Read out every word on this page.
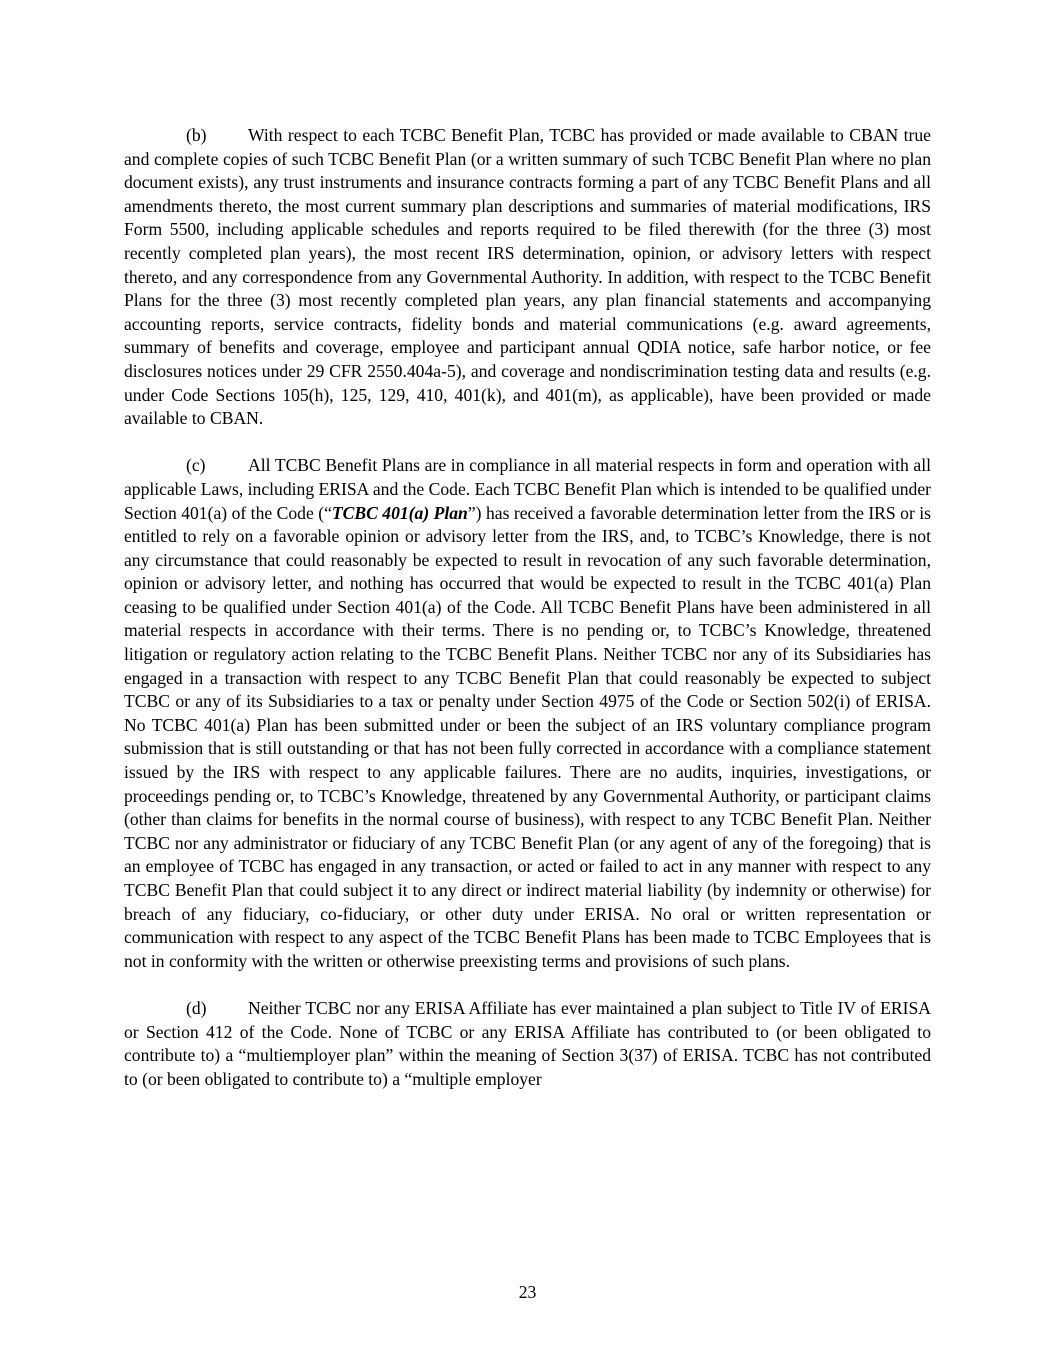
(b) With respect to each TCBC Benefit Plan, TCBC has provided or made available to CBAN true and complete copies of such TCBC Benefit Plan (or a written summary of such TCBC Benefit Plan where no plan document exists), any trust instruments and insurance contracts forming a part of any TCBC Benefit Plans and all amendments thereto, the most current summary plan descriptions and summaries of material modifications, IRS Form 5500, including applicable schedules and reports required to be filed therewith (for the three (3) most recently completed plan years), the most recent IRS determination, opinion, or advisory letters with respect thereto, and any correspondence from any Governmental Authority. In addition, with respect to the TCBC Benefit Plans for the three (3) most recently completed plan years, any plan financial statements and accompanying accounting reports, service contracts, fidelity bonds and material communications (e.g. award agreements, summary of benefits and coverage, employee and participant annual QDIA notice, safe harbor notice, or fee disclosures notices under 29 CFR 2550.404a-5), and coverage and nondiscrimination testing data and results (e.g. under Code Sections 105(h), 125, 129, 410, 401(k), and 401(m), as applicable), have been provided or made available to CBAN.

(c) All TCBC Benefit Plans are in compliance in all material respects in form and operation with all applicable Laws, including ERISA and the Code. Each TCBC Benefit Plan which is intended to be qualified under Section 401(a) of the Code (“TCBC 401(a) Plan”) has received a favorable determination letter from the IRS or is entitled to rely on a favorable opinion or advisory letter from the IRS, and, to TCBC’s Knowledge, there is not any circumstance that could reasonably be expected to result in revocation of any such favorable determination, opinion or advisory letter, and nothing has occurred that would be expected to result in the TCBC 401(a) Plan ceasing to be qualified under Section 401(a) of the Code. All TCBC Benefit Plans have been administered in all material respects in accordance with their terms. There is no pending or, to TCBC’s Knowledge, threatened litigation or regulatory action relating to the TCBC Benefit Plans. Neither TCBC nor any of its Subsidiaries has engaged in a transaction with respect to any TCBC Benefit Plan that could reasonably be expected to subject TCBC or any of its Subsidiaries to a tax or penalty under Section 4975 of the Code or Section 502(i) of ERISA. No TCBC 401(a) Plan has been submitted under or been the subject of an IRS voluntary compliance program submission that is still outstanding or that has not been fully corrected in accordance with a compliance statement issued by the IRS with respect to any applicable failures. There are no audits, inquiries, investigations, or proceedings pending or, to TCBC’s Knowledge, threatened by any Governmental Authority, or participant claims (other than claims for benefits in the normal course of business), with respect to any TCBC Benefit Plan. Neither TCBC nor any administrator or fiduciary of any TCBC Benefit Plan (or any agent of any of the foregoing) that is an employee of TCBC has engaged in any transaction, or acted or failed to act in any manner with respect to any TCBC Benefit Plan that could subject it to any direct or indirect material liability (by indemnity or otherwise) for breach of any fiduciary, co-fiduciary, or other duty under ERISA. No oral or written representation or communication with respect to any aspect of the TCBC Benefit Plans has been made to TCBC Employees that is not in conformity with the written or otherwise preexisting terms and provisions of such plans.

(d) Neither TCBC nor any ERISA Affiliate has ever maintained a plan subject to Title IV of ERISA or Section 412 of the Code. None of TCBC or any ERISA Affiliate has contributed to (or been obligated to contribute to) a “multiemployer plan” within the meaning of Section 3(37) of ERISA. TCBC has not contributed to (or been obligated to contribute to) a “multiple employer

23
